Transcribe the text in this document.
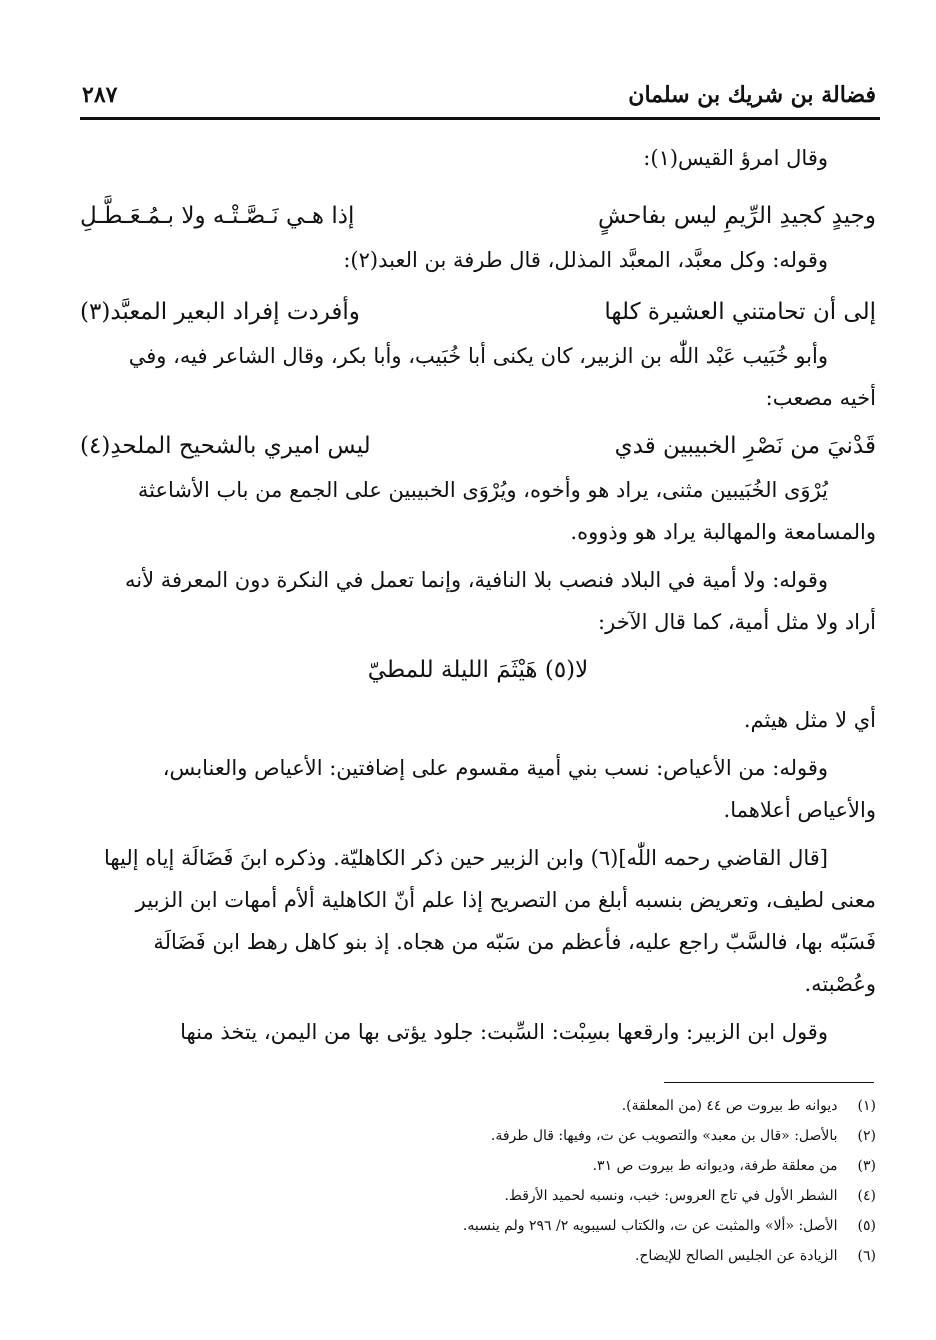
فضالة بن شريك بن سلمان
٢٨٧
وقال امرؤ القيس(١):
وجيدٍ كجيدِ الرِّيمِ ليس بفاحشٍ
إذا هـي نَـصَّـتْـه ولا بـمُـعَـطَّـلِ
وقوله: وكل معبَّد، المعبَّد المذلل، قال طرفة بن العبد(٢):
إلى أن تحامتني العشيرة كلها
وأفردت إفراد البعير المعبَّد(٣)
وأبو خُبَيب عَبْد اللّٰه بن الزبير، كان يكنى أبا خُبَيب، وأبا بكر، وقال الشاعر فيه، وفي
أخيه مصعب:
قَدْنيَ من نَصْرِ الخبيبين قدي
ليس اميري بالشحيح الملحدِ(٤)
يُرْوَى الخُبَيبين مثنى، يراد هو وأخوه، ويُرْوَى الخبيبين على الجمع من باب الأشاعثة
والمسامعة والمهالبة يراد هو وذووه.
وقوله: ولا أمية في البلاد فنصب بلا النافية، وإنما تعمل في النكرة دون المعرفة لأنه
أراد ولا مثل أمية، كما قال الآخر:
لا(٥) هَيْثَمَ الليلة للمطيّ
أي لا مثل هيثم.
وقوله: من الأعياص: نسب بني أمية مقسوم على إضافتين: الأعياص والعنابس،
والأعياص أعلاهما.
[قال القاضي رحمه اللّٰه](٦) وابن الزبير حين ذكر الكاهليّة. وذكره ابنَ فَضَالَة إياه إليها
معنى لطيف، وتعريض بنسبه أبلغ من التصريح إذا علم أنّ الكاهلية ألأم أمهات ابن الزبير
فَسَبّه بها، فالسَّبّ راجع عليه، فأعظم من سَبّه من هجاه. إذ بنو كاهل رهط ابن فَضَالَة
وعُصْبته.
وقول ابن الزبير: وارقعها بسِبْت: السِّبت: جلود يؤتى بها من اليمن، يتخذ منها
(١) ديوانه ط بيروت ص ٤٤ (من المعلقة).
(٢) بالأصل: «قال بن معبد» والتصويب عن ت، وفيها: قال طرفة.
(٣) من معلقة طرفة، وديوانه ط بيروت ص ٣١.
(٤) الشطر الأول في تاج العروس: خبب، ونسبه لحميد الأرقط.
(٥) الأصل: «ألا» والمثبت عن ت، والكتاب لسيبويه ٢/ ٢٩٦ ولم ينسبه.
(٦) الزيادة عن الجليس الصالح للإيضاح.
